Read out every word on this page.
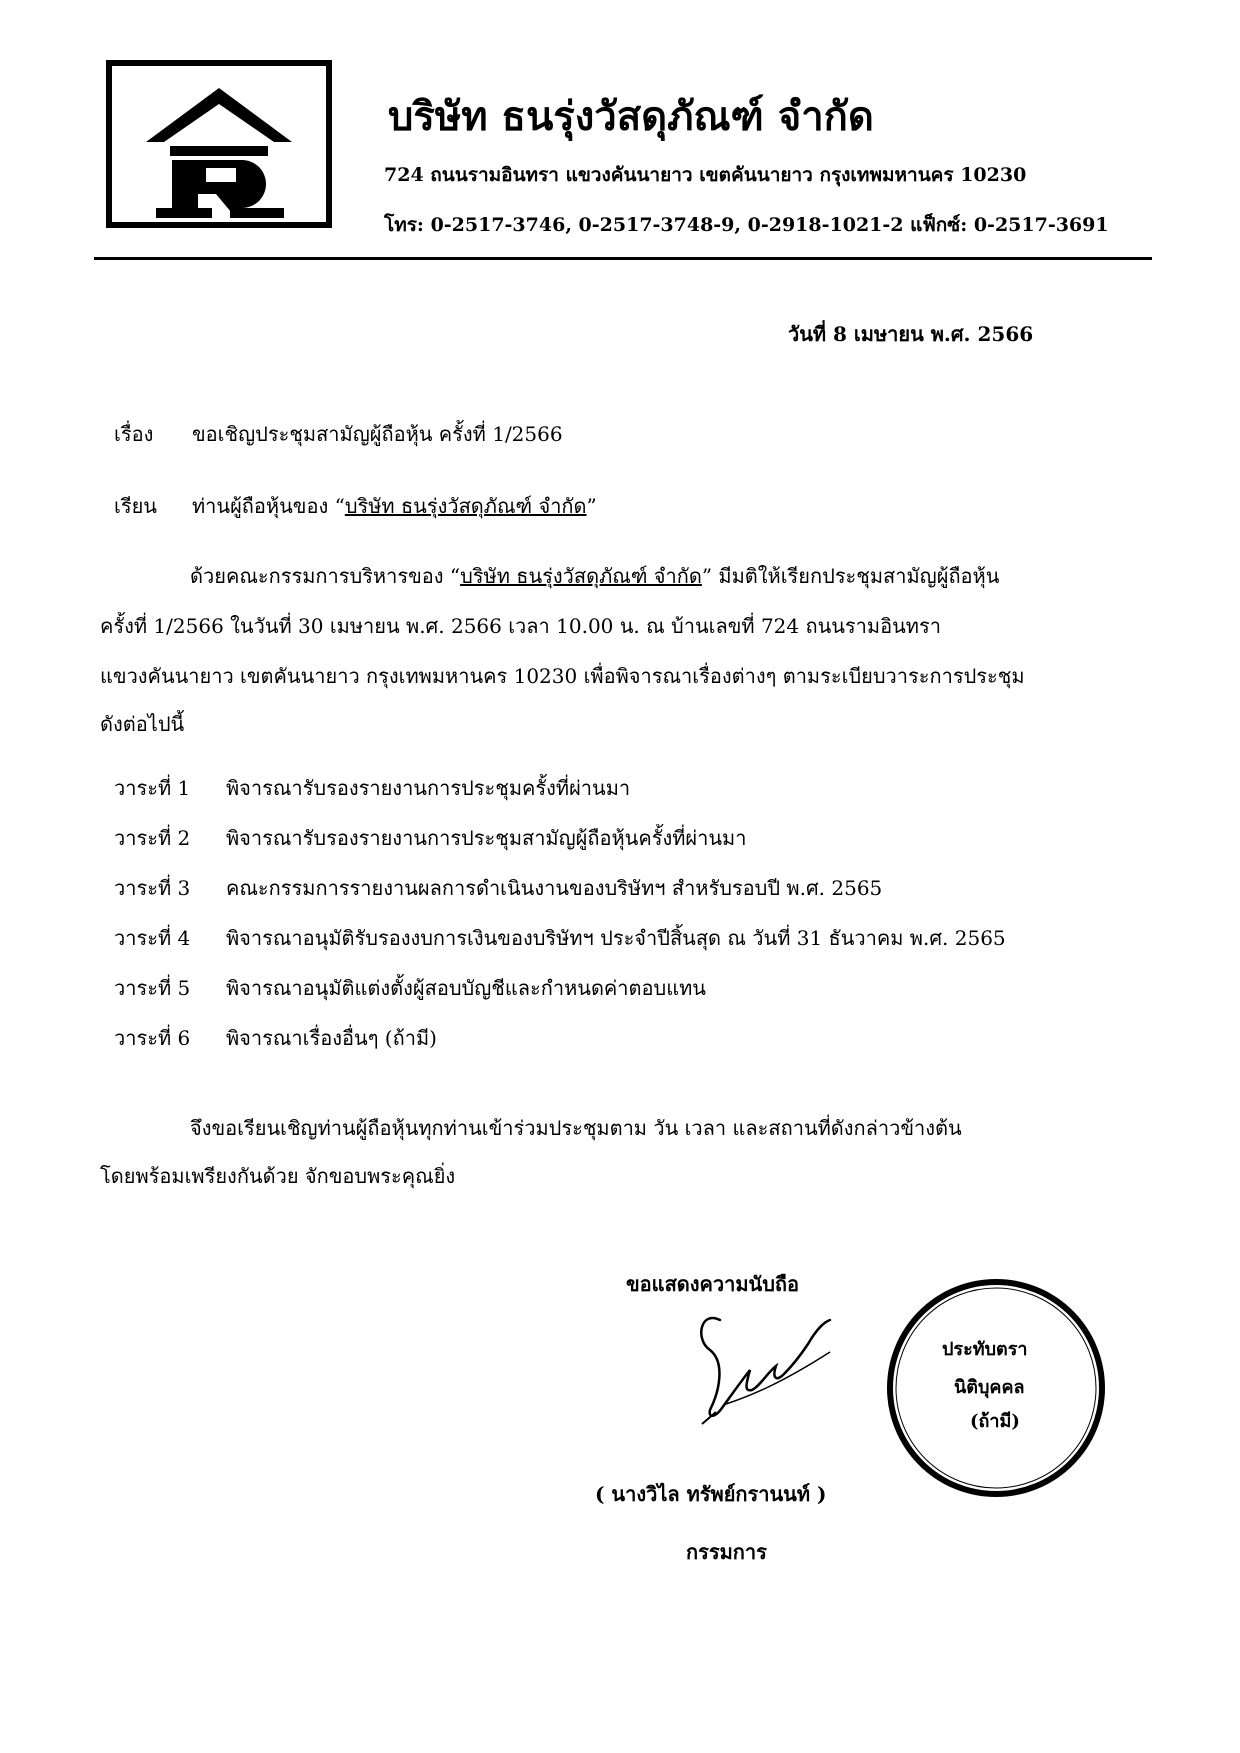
บริษัท ธนรุ่งวัสดุภัณฑ์ จำกัด
724 ถนนรามอินทรา แขวงคันนายาว เขตคันนายาว กรุงเทพมหานคร 10230
โทร: 0-2517-3746, 0-2517-3748-9, 0-2918-1021-2 แฟ็กซ์: 0-2517-3691
วันที่ 8 เมษายน พ.ศ. 2566
เรื่อง ขอเชิญประชุมสามัญผู้ถือหุ้น ครั้งที่ 1/2566
เรียน ท่านผู้ถือหุ้นของ “บริษัท ธนรุ่งวัสดุภัณฑ์ จำกัด”
ด้วยคณะกรรมการบริหารของ “บริษัท ธนรุ่งวัสดุภัณฑ์ จำกัด” มีมติให้เรียกประชุมสามัญผู้ถือหุ้น
ครั้งที่ 1/2566 ในวันที่ 30 เมษายน พ.ศ. 2566 เวลา 10.00 น. ณ บ้านเลขที่ 724 ถนนรามอินทรา
แขวงคันนายาว เขตคันนายาว กรุงเทพมหานคร 10230 เพื่อพิจารณาเรื่องต่างๆ ตามระเบียบวาระการประชุม
ดังต่อไปนี้
วาระที่ 1 พิจารณารับรองรายงานการประชุมครั้งที่ผ่านมา
วาระที่ 2 พิจารณารับรองรายงานการประชุมสามัญผู้ถือหุ้นครั้งที่ผ่านมา
วาระที่ 3 คณะกรรมการรายงานผลการดำเนินงานของบริษัทฯ สำหรับรอบปี พ.ศ. 2565
วาระที่ 4 พิจารณาอนุมัติรับรองงบการเงินของบริษัทฯ ประจำปีสิ้นสุด ณ วันที่ 31 ธันวาคม พ.ศ. 2565
วาระที่ 5 พิจารณาอนุมัติแต่งตั้งผู้สอบบัญชีและกำหนดค่าตอบแทน
วาระที่ 6 พิจารณาเรื่องอื่นๆ (ถ้ามี)
จึงขอเรียนเชิญท่านผู้ถือหุ้นทุกท่านเข้าร่วมประชุมตาม วัน เวลา และสถานที่ดังกล่าวข้างต้น
โดยพร้อมเพรียงกันด้วย จักขอบพระคุณยิ่ง
ขอแสดงความนับถือ
ประทับตรา
นิติบุคคล
(ถ้ามี)
( นางวิไล ทรัพย์กรานนท์ )
กรรมการ
